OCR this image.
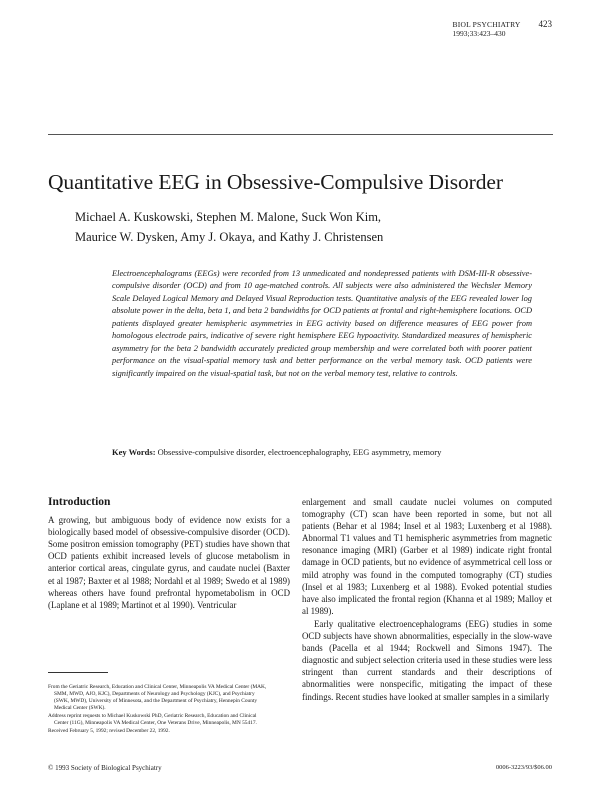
BIOL PSYCHIATRY 423
1993;33:423–430
Quantitative EEG in Obsessive-Compulsive Disorder
Michael A. Kuskowski, Stephen M. Malone, Suck Won Kim,
Maurice W. Dysken, Amy J. Okaya, and Kathy J. Christensen
Electroencephalograms (EEGs) were recorded from 13 unmedicated and nondepressed patients with DSM-III-R obsessive-compulsive disorder (OCD) and from 10 age-matched controls. All subjects were also administered the Wechsler Memory Scale Delayed Logical Memory and Delayed Visual Reproduction tests. Quantitative analysis of the EEG revealed lower log absolute power in the delta, beta 1, and beta 2 bandwidths for OCD patients at frontal and right-hemisphere locations. OCD patients displayed greater hemispheric asymmetries in EEG activity based on difference measures of EEG power from homologous electrode pairs, indicative of severe right hemisphere EEG hypoactivity. Standardized measures of hemispheric asymmetry for the beta 2 bandwidth accurately predicted group membership and were correlated both with poorer patient performance on the visual-spatial memory task and better performance on the verbal memory task. OCD patients were significantly impaired on the visual-spatial task, but not on the verbal memory test, relative to controls.
Key Words: Obsessive-compulsive disorder, electroencephalography, EEG asymmetry, memory
Introduction

A growing, but ambiguous body of evidence now exists for a biologically based model of obsessive-compulsive disorder (OCD). Some positron emission tomography (PET) studies have shown that OCD patients exhibit increased levels of glucose metabolism in anterior cortical areas, cingulate gyrus, and caudate nuclei (Baxter et al 1987; Baxter et al 1988; Nordahl et al 1989; Swedo et al 1989) whereas others have found prefrontal hypometabolism in OCD (Laplane et al 1989; Martinot et al 1990). Ventricular

enlargement and small caudate nuclei volumes on computed tomography (CT) scan have been reported in some, but not all patients (Behar et al 1984; Insel et al 1983; Luxenberg et al 1988). Abnormal T1 values and T1 hemispheric asymmetries from magnetic resonance imaging (MRI) (Garber et al 1989) indicate right frontal damage in OCD patients, but no evidence of asymmetrical cell loss or mild atrophy was found in the computed tomography (CT) studies (Insel et al 1983; Luxenberg et al 1988). Evoked potential studies have also implicated the frontal region (Khanna et al 1989; Malloy et al 1989).

Early qualitative electroencephalograms (EEG) studies in some OCD subjects have shown abnormalities, especially in the slow-wave bands (Pacella et al 1944; Rockwell and Simons 1947). The diagnostic and subject selection criteria used in these studies were less stringent than current standards and their descriptions of abnormalities were nonspecific, mitigating the impact of these findings. Recent studies have looked at smaller samples in a similarly

From the Geriatric Research, Education and Clinical Center, Minneapolis VA Medical Center (MAK, SMM, MWD, AJO, KJC), Departments of Neurology and Psychology (KJC), and Psychiatry (SWK, MWD), University of Minnesota, and the Department of Psychiatry, Hennepin County Medical Center (SWK).

Address reprint requests to Michael Kuskowski PhD, Geriatric Research, Education and Clinical Center (11G), Minneapolis VA Medical Center, One Veterans Drive, Minneapolis, MN 55417.

Received February 5, 1992; revised December 22, 1992.

© 1993 Society of Biological Psychiatry	0006-3223/93/$06.00
